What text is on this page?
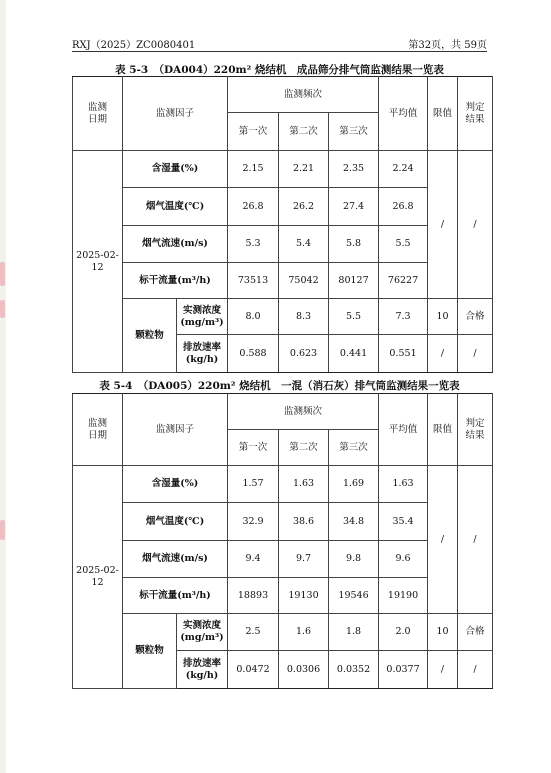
RXJ（2025）ZC0080401	第32页，共 59页
表 5-3　（DA004）220m² 烧结机　成品筛分排气筒监测结果一览表
监测
日期	监测因子		监测频次			平均值	限值	判定
结果
			第一次	第二次	第三次			
2025-02-12	含湿量(%)		2.15	2.21	2.35	2.24	/	/
	烟气温度(℃)		26.8	26.2	27.4	26.8		
	烟气流速(m/s)		5.3	5.4	5.8	5.5		
	标干流量(m³/h)		73513	75042	80127	76227		
	颗粒物	实测浓度
(mg/m³)	8.0	8.3	5.5	7.3	10	合格
		排放速率
(kg/h)	0.588	0.623	0.441	0.551	/	/
表 5-4　（DA005）220m² 烧结机　一混（消石灰）排气筒监测结果一览表
监测
日期	监测因子		监测频次			平均值	限值	判定
结果
			第一次	第二次	第三次			
2025-02-12	含湿量(%)		1.57	1.63	1.69	1.63	/	/
	烟气温度(℃)		32.9	38.6	34.8	35.4		
	烟气流速(m/s)		9.4	9.7	9.8	9.6		
	标干流量(m³/h)		18893	19130	19546	19190		
	颗粒物	实测浓度
(mg/m³)	2.5	1.6	1.8	2.0	10	合格
		排放速率
(kg/h)	0.0472	0.0306	0.0352	0.0377	/	/
